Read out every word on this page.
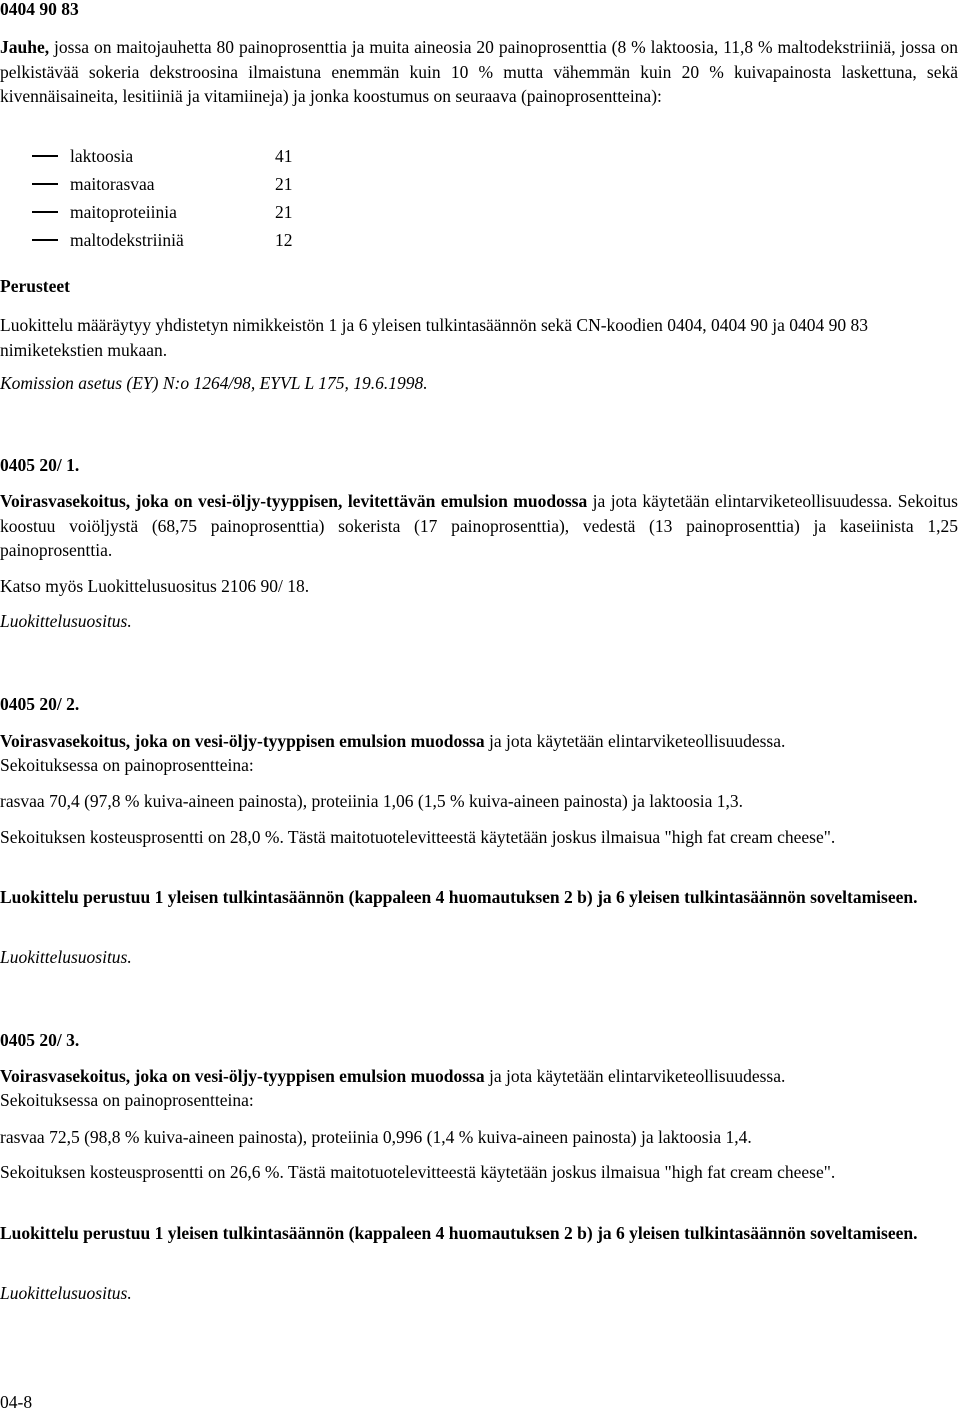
0404 90 83

Jauhe, jossa on maitojauhetta 80 painoprosenttia ja muita aineosia 20 painoprosenttia (8 % laktoosia, 11,8 % maltodekstriiniä, jossa on pelkistävää sokeria dekstroosina ilmaistuna enemmän kuin 10 % mutta vähemmän kuin 20 % kuivapainosta laskettuna, sekä kivennäisaineita, lesitiiniä ja vitamiineja) ja jonka koostumus on seuraava (painoprosentteina):

laktoosia	41
maitorasvaa	21
maitoproteiinia	21
maltodekstriiniä	12

Perusteet

Luokittelu määräytyy yhdistetyn nimikkeistön 1 ja 6 yleisen tulkintasäännön sekä CN-koodien 0404, 0404 90 ja 0404 90 83 nimiketekstien mukaan.

Komission asetus (EY) N:o 1264/98, EYVL L 175, 19.6.1998.

0405 20/ 1.

Voirasvasekoitus, joka on vesi-öljy-tyyppisen, levitettävän emulsion muodossa ja jota käytetään elintarviketeollisuudessa. Sekoitus koostuu voiöljystä (68,75 painoprosenttia) sokerista (17 painoprosenttia), vedestä (13 painoprosenttia) ja kaseiinista 1,25 painoprosenttia.

Katso myös Luokittelusuositus 2106 90/ 18.

Luokittelusuositus.

0405 20/ 2.

Voirasvasekoitus, joka on vesi-öljy-tyyppisen emulsion muodossa ja jota käytetään elintarviketeollisuudessa.

Sekoituksessa on painoprosentteina:

rasvaa 70,4 (97,8 % kuiva-aineen painosta), proteiinia 1,06 (1,5 % kuiva-aineen painosta) ja laktoosia 1,3.

Sekoituksen kosteusprosentti on 28,0 %. Tästä maitotuotelevitteestä käytetään joskus ilmaisua "high fat cream cheese".

Luokittelu perustuu 1 yleisen tulkintasäännön (kappaleen 4 huomautuksen 2 b) ja 6 yleisen tulkintasäännön soveltamiseen.

Luokittelusuositus.

0405 20/ 3.

Voirasvasekoitus, joka on vesi-öljy-tyyppisen emulsion muodossa ja jota käytetään elintarviketeollisuudessa.

Sekoituksessa on painoprosentteina:

rasvaa 72,5 (98,8 % kuiva-aineen painosta), proteiinia 0,996 (1,4 % kuiva-aineen painosta) ja laktoosia 1,4.

Sekoituksen kosteusprosentti on 26,6 %. Tästä maitotuotelevitteestä käytetään joskus ilmaisua "high fat cream cheese".

Luokittelu perustuu 1 yleisen tulkintasäännön (kappaleen 4 huomautuksen 2 b) ja 6 yleisen tulkintasäännön soveltamiseen.

Luokittelusuositus.

04-8
